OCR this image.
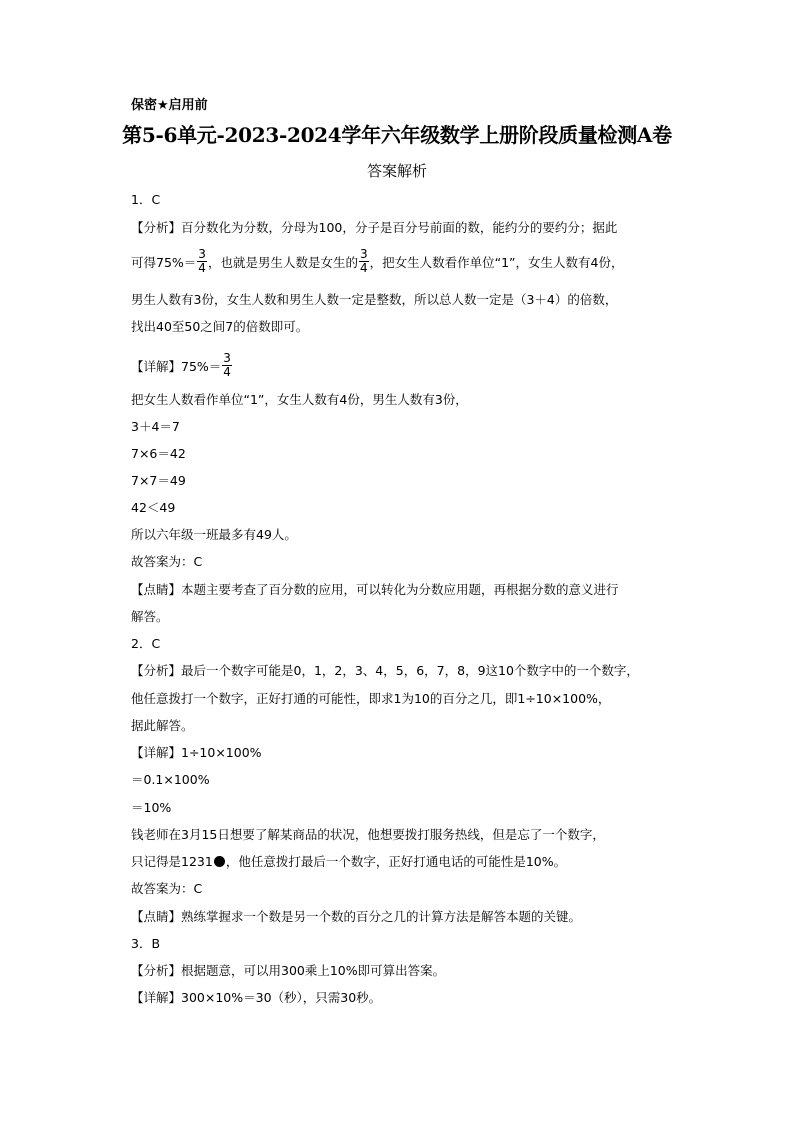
保密★启用前
第5-6单元-2023-2024学年六年级数学上册阶段质量检测A卷
答案解析
1．C
【分析】百分数化为分数，分母为100，分子是百分号前面的数，能约分的要约分；据此
可得$75\%= \frac{3}{4}$ ，也就是男生人数是女生的 $\frac{3}{4}$ ，把女生人数看作单位“1”，女生人数有4份，
男生人数有3份，女生人数和男生人数一定是整数，所以总人数一定是（3＋4）的倍数，
找出40至50之间7的倍数即可。
【详解】$75\%= \frac{3}{4}$
把女生人数看作单位“1”，女生人数有4份，男生人数有3份，
3＋4＝7
7×6＝42
7×7＝49
42＜49
所以六年级一班最多有49人。
故答案为：C
【点睛】本题主要考查了百分数的应用，可以转化为分数应用题，再根据分数的意义进行
解答。
2．C
【分析】最后一个数字可能是0，1，2，3、4，5，6，7，8，9这10个数字中的一个数字，
他任意拨打一个数字，正好打通的可能性，即求1为10的百分之几，即1÷10×100%，
据此解答。
【详解】1÷10×100%
＝0.1×100%
＝10%
钱老师在3月15日想要了解某商品的状况，他想要拨打服务热线，但是忘了一个数字，
只记得是1231 ，他任意拨打最后一个数字，正好打通电话的可能性是10%。
故答案为：C
【点睛】熟练掌握求一个数是另一个数的百分之几的计算方法是解答本题的关键。
3．B
【分析】根据题意，可以用300乘上10%即可算出答案。
【详解】300×10%＝30（秒），只需30秒。
